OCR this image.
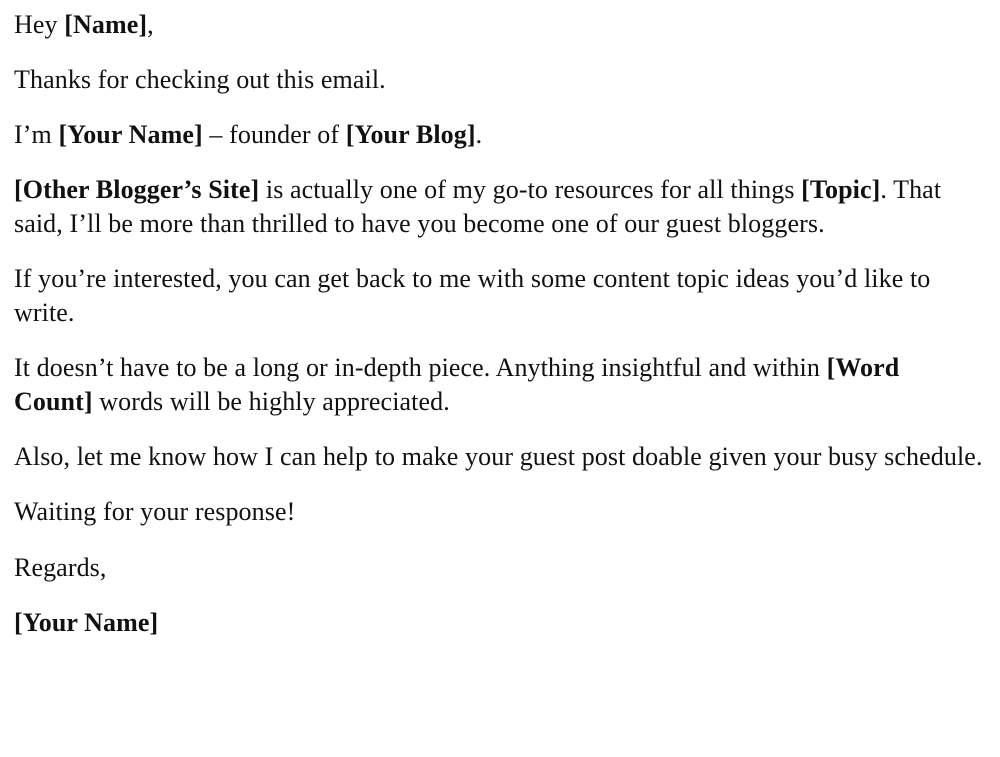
Hey [Name],

Thanks for checking out this email.

I’m [Your Name] – founder of [Your Blog].

[Other Blogger’s Site] is actually one of my go-to resources for all things [Topic]. That said, I’ll be more than thrilled to have you become one of our guest bloggers.

If you’re interested, you can get back to me with some content topic ideas you’d like to write.

It doesn’t have to be a long or in-depth piece. Anything insightful and within [Word Count] words will be highly appreciated.

Also, let me know how I can help to make your guest post doable given your busy schedule.

Waiting for your response!

Regards,

[Your Name]
